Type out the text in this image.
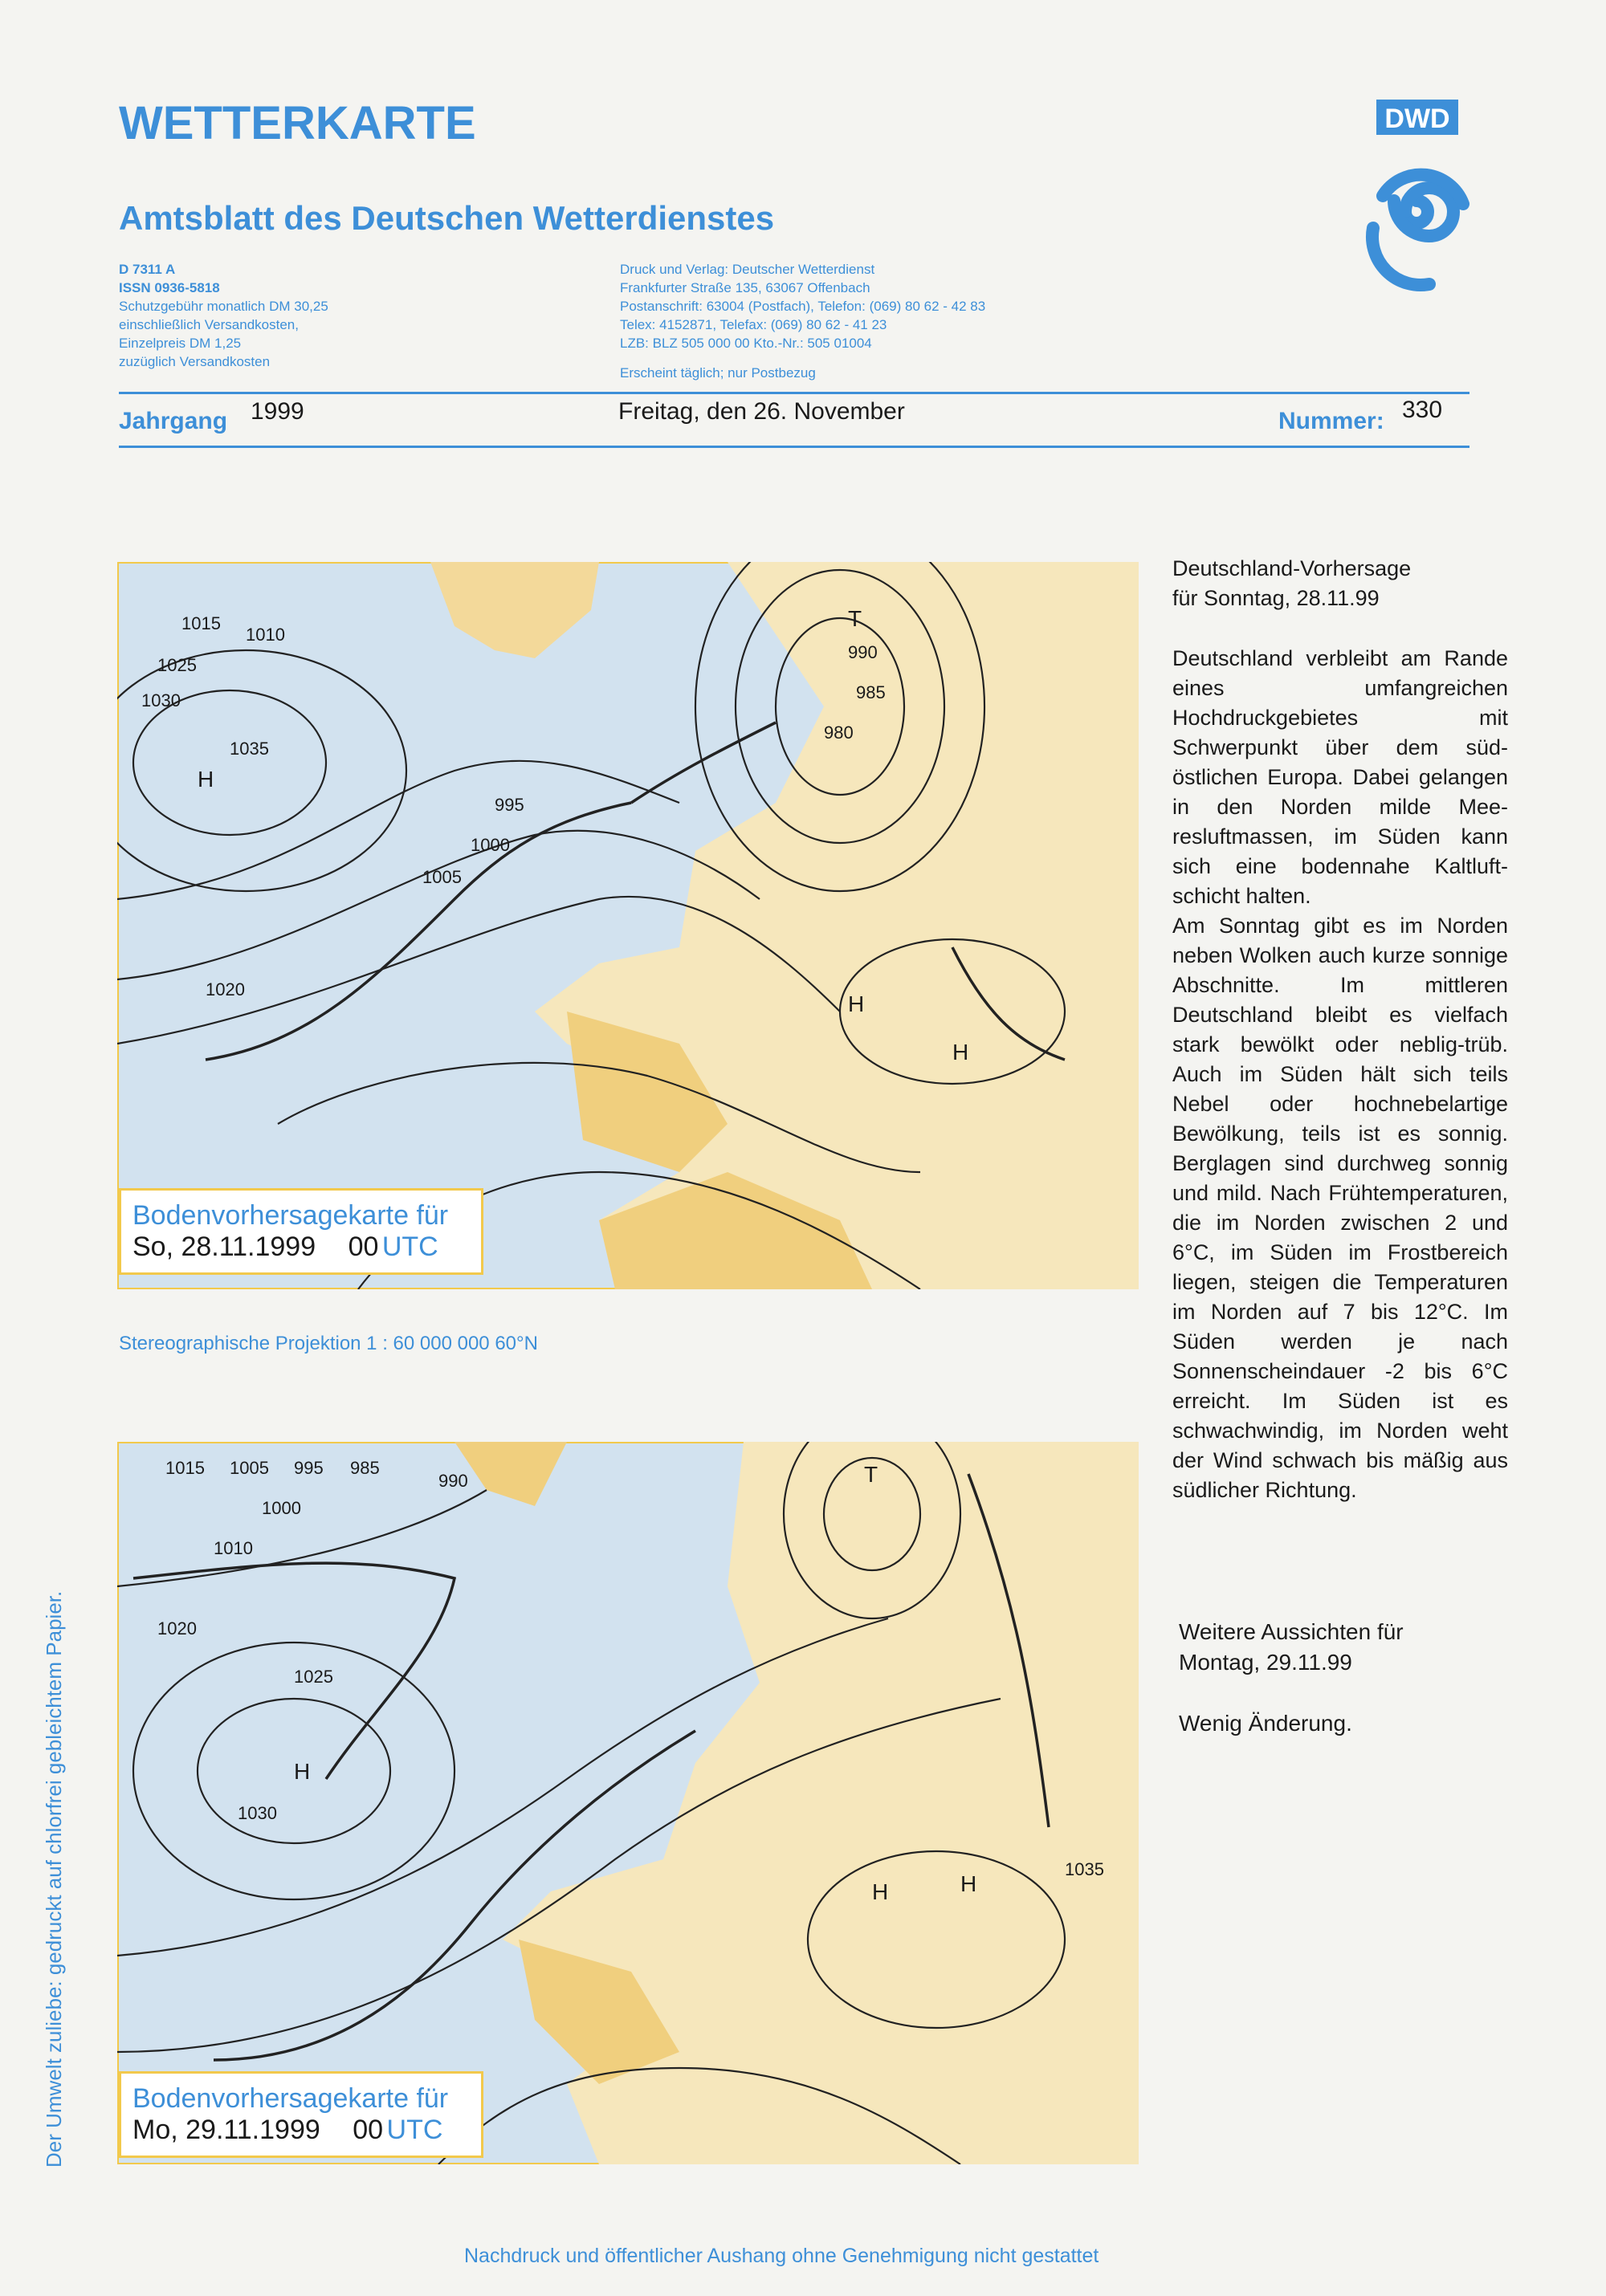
WETTERKARTE
Amtsblatt des Deutschen Wetterdienstes
D 7311 A
ISSN 0936-5818
Schutzgebühr monatlich DM 30,25
einschließlich Versandkosten,
Einzelpreis DM 1,25
zuzüglich Versandkosten
Druck und Verlag: Deutscher Wetterdienst
Frankfurter Straße 135, 63067 Offenbach
Postanschrift: 63004 (Postfach), Telefon: (069) 80 62 - 42 83
Telex: 4152871, Telefax: (069) 80 62 - 41 23
LZB: BLZ 505 000 00 Kto.-Nr.: 505 01004
Erscheint täglich; nur Postbezug
DWD
Jahrgang 1999	Freitag, den 26. November	Nummer: 330
1015
1010
1025
1030
1035
1020
995
1000
1005
985
990
980
H
T
H
H
Bodenvorhersagekarte für
So, 28.11.1999 00 UTC
Stereographische Projektion 1 : 60 000 000 60°N
1015 1005 995 985
990
1000
1010
1020
1025
1030
1035
H
T
H	H
Bodenvorhersagekarte für
Mo, 29.11.1999 00 UTC

Deutschland-Vorhersage
für Sonntag, 28.11.99

Deutschland verbleibt am Rande eines umfangreichen Hochdruckgebietes mit Schwerpunkt über dem südöstlichen Europa. Dabei gelangen in den Norden milde Meeresluftmassen, im Süden kann sich eine bodennahe Kaltluftschicht halten.

Am Sonntag gibt es im Norden neben Wolken auch kurze sonnige Abschnitte. Im mittleren Deutschland bleibt es vielfach stark bewölkt oder neblig-trüb. Auch im Süden hält sich teils Nebel oder hochnebelartige Bewölkung, teils ist es sonnig. Berglagen sind durchweg sonnig und mild. Nach Frühtemperaturen, die im Norden zwischen 2 und 6°C, im Süden im Frostbereich liegen, steigen die Temperaturen im Norden auf 7 bis 12°C. Im Süden werden je nach Sonnenscheindauer -2 bis 6°C erreicht. Im Süden ist es schwachwindig, im Norden weht der Wind schwach bis mäßig aus südlicher Richtung.

Weitere Aussichten für
Montag, 29.11.99

Wenig Änderung.

Der Umwelt zuliebe: gedruckt auf chlorfrei gebleichtem Papier.
Nachdruck und öffentlicher Aushang ohne Genehmigung nicht gestattet
